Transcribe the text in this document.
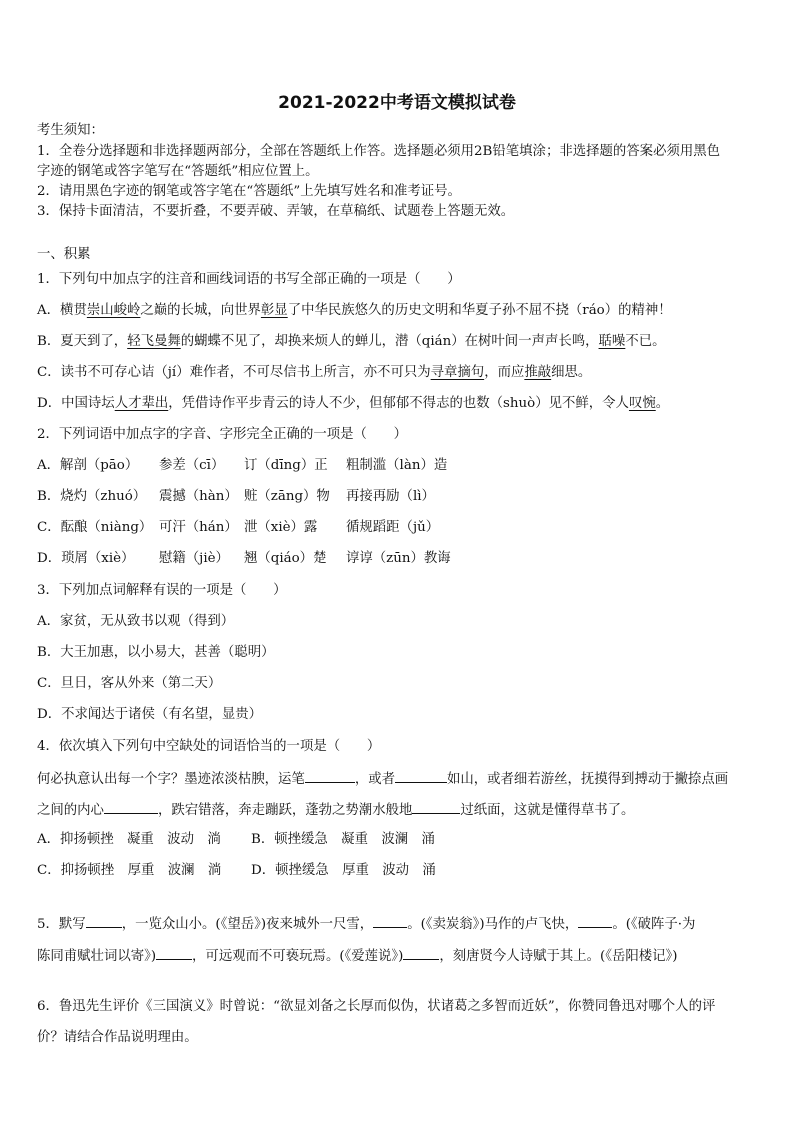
2021-2022中考语文模拟试卷
考生须知：
1．全卷分选择题和非选择题两部分，全部在答题纸上作答。选择题必须用2B铅笔填涂；非选择题的答案必须用黑色
字迹的钢笔或答字笔写在“答题纸”相应位置上。
2．请用黑色字迹的钢笔或答字笔在“答题纸”上先填写姓名和准考证号。
3．保持卡面清洁，不要折叠，不要弄破、弄皱，在草稿纸、试题卷上答题无效。
一、积累
1．下列句中加点字的注音和画线词语的书写全部正确的一项是（　　）
A．横贯崇山峻岭之巅的长城，向世界彰显了中华民族悠久的历史文明和华夏子孙不屈不挠（ráo）的精神！
B．夏天到了，轻飞曼舞的蝴蝶不见了，却换来烦人的蝉儿，潜（qián）在树叶间一声声长鸣，聒噪不已。
C．读书不可存心诘（jí）难作者，不可尽信书上所言，亦不可只为寻章摘句，而应推敲细思。
D．中国诗坛人才辈出，凭借诗作平步青云的诗人不少，但郁郁不得志的也数（shuò）见不鲜，令人叹惋。
2．下列词语中加点字的字音、字形完全正确的一项是（　　）
A．解剖（pāo） 参差（cī） 订（dīng）正 粗制滥（làn）造
B．烧灼（zhuó） 震撼（hàn） 赃（zāng）物 再接再励（lì）
C．酝酿（niàng） 可汗（hán） 泄（xiè）露 循规蹈距（jǔ）
D．琐屑（xiè） 慰籍（jiè） 翘（qiáo）楚 谆谆（zūn）教诲
3．下列加点词解释有误的一项是（　　）
A．家贫，无从致书以观（得到）
B．大王加惠，以小易大，甚善（聪明）
C．旦日，客从外来（第二天）
D．不求闻达于诸侯（有名望，显贵）
4．依次填入下列句中空缺处的词语恰当的一项是（　　）
何必执意认出每一个字？墨迹浓淡枯腴，运笔	，或者	如山，或者细若游丝，抚摸得到搏动于撇捺点画
之间的内心	，跌宕错落，奔走蹦跃，蓬勃之势潮水般地	过纸面，这就是懂得草书了。
A．抑扬顿挫　凝重　波动　淌 B．顿挫缓急　凝重　波澜　涌
C．抑扬顿挫　厚重　波澜　淌 D．顿挫缓急　厚重　波动　涌
5．默写	，一览众山小。(《望岳》)夜来城外一尺雪，	。(《卖炭翁》)马作的卢飞快，	。(《破阵子·为
陈同甫赋壮词以寄》)	，可远观而不可亵玩焉。(《爱莲说》)	，刻唐贤今人诗赋于其上。(《岳阳楼记》)
6．鲁迅先生评价《三国演义》时曾说：“欲显刘备之长厚而似伪，状诸葛之多智而近妖”，你赞同鲁迅对哪个人的评
价？请结合作品说明理由。
